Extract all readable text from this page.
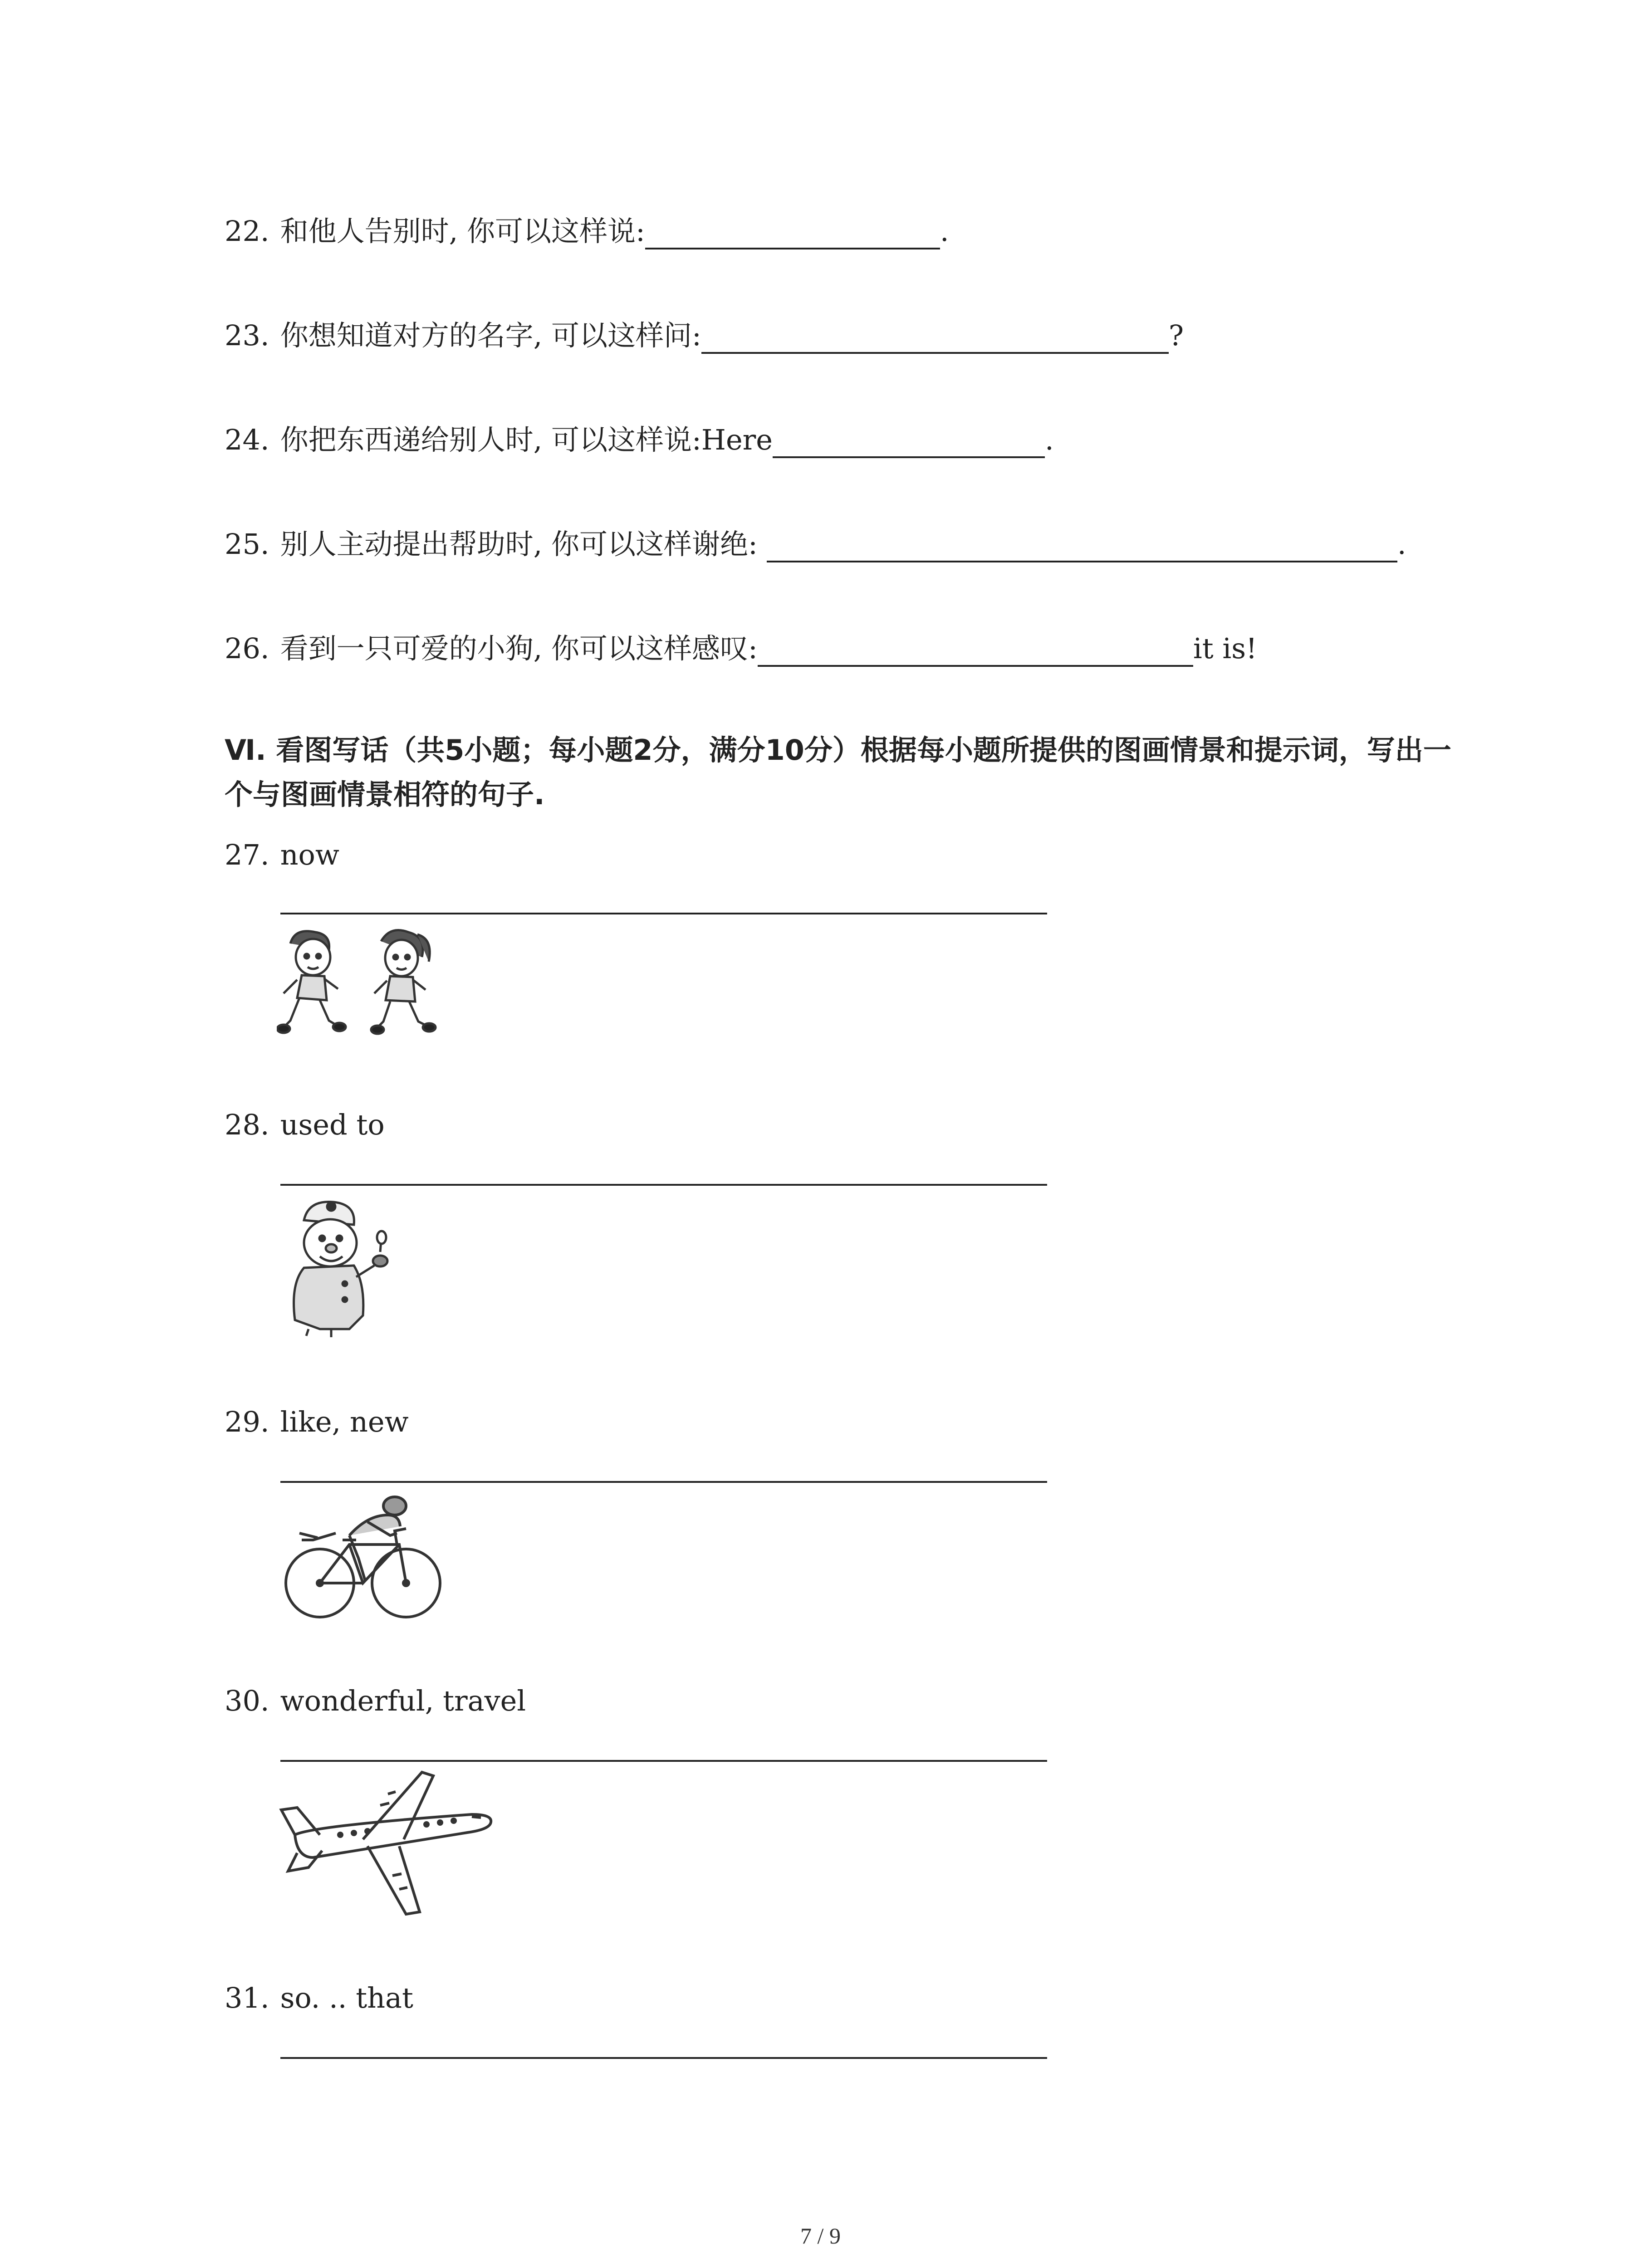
22. 和他人告别时, 你可以这样说:	.
23. 你想知道对方的名字, 可以这样问:	?
24. 你把东西递给别人时, 可以这样说:Here	.
25. 别人主动提出帮助时, 你可以这样谢绝:	.
26. 看到一只可爱的小狗, 你可以这样感叹:	it is!
Ⅵ. 看图写话（共5小题；每小题2分，满分10分）根据每小题所提供的图画情景和提示词，写出一个与图画情景相符的句子.
27. now
28. used to
29. like, new
30. wonderful, travel
31. so. .. that
7 / 9
